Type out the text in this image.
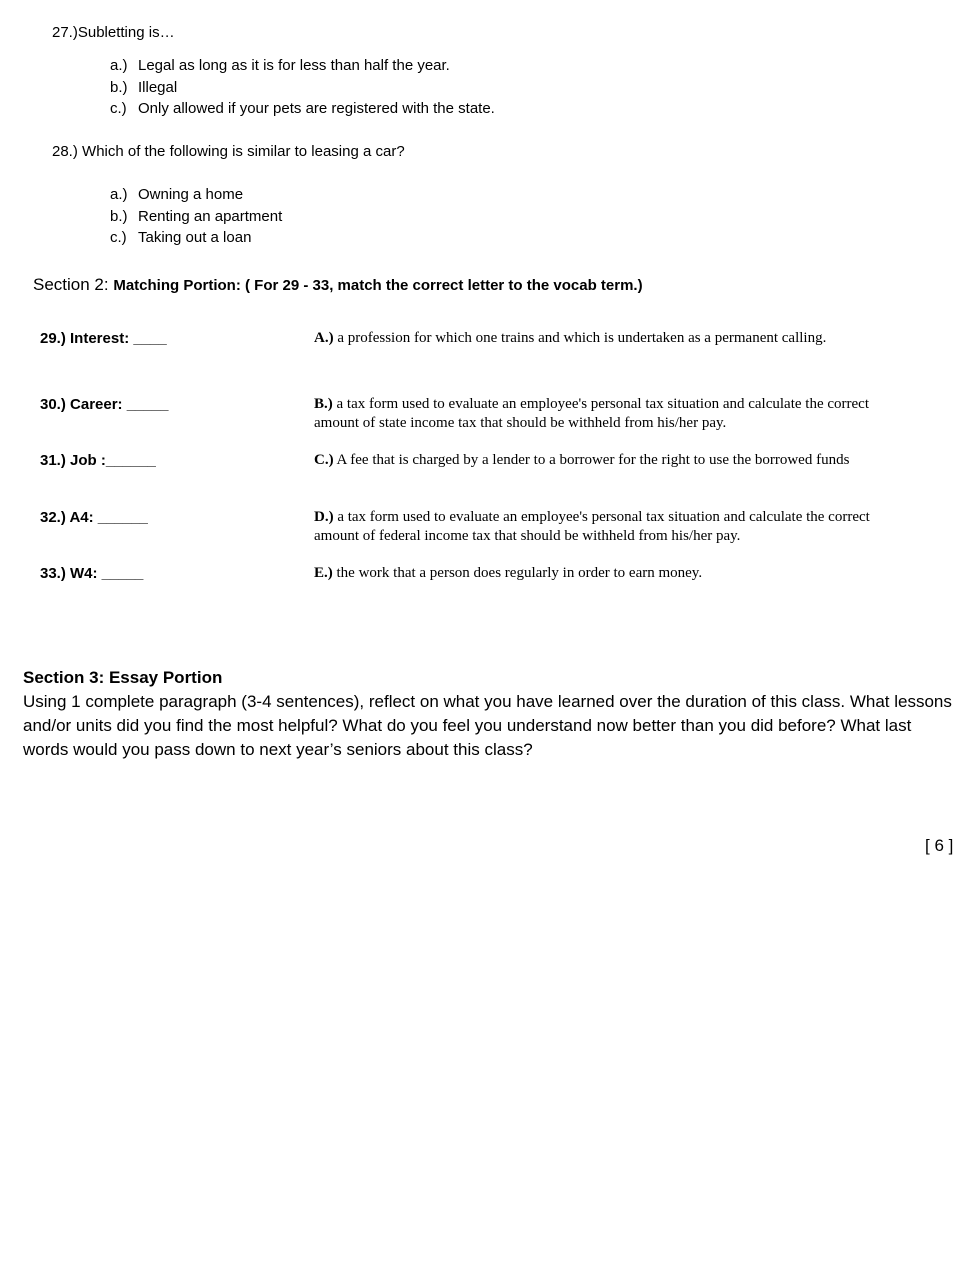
27.)Subletting is…
a.) Legal as long as it is for less than half the year.
b.) Illegal
c.) Only allowed if your pets are registered with the state.
28.) Which of the following is similar to leasing a car?
a.) Owning a home
b.) Renting an apartment
c.) Taking out a loan
Section 2: Matching Portion: ( For 29 - 33, match the correct letter to the vocab term.)
29.) Interest: ____
30.) Career: _____
31.) Job :______
32.) A4: ______
33.) W4: _____
A.) a profession for which one trains and which is undertaken as a permanent calling.
B.) a tax form used to evaluate an employee's personal tax situation and calculate the correct amount of state income tax that should be withheld from his/her pay.
C.) A fee that is charged by a lender to a borrower for the right to use the borrowed funds
D.) a tax form used to evaluate an employee's personal tax situation and calculate the correct amount of federal income tax that should be withheld from his/her pay.
E.) the work that a person does regularly in order to earn money.
Section 3: Essay Portion
Using 1 complete paragraph (3-4 sentences), reflect on what you have learned over the duration of this class. What lessons and/or units did you find the most helpful? What do you feel you understand now better than you did before? What last words would you pass down to next year’s seniors about this class?
[ 6 ]
